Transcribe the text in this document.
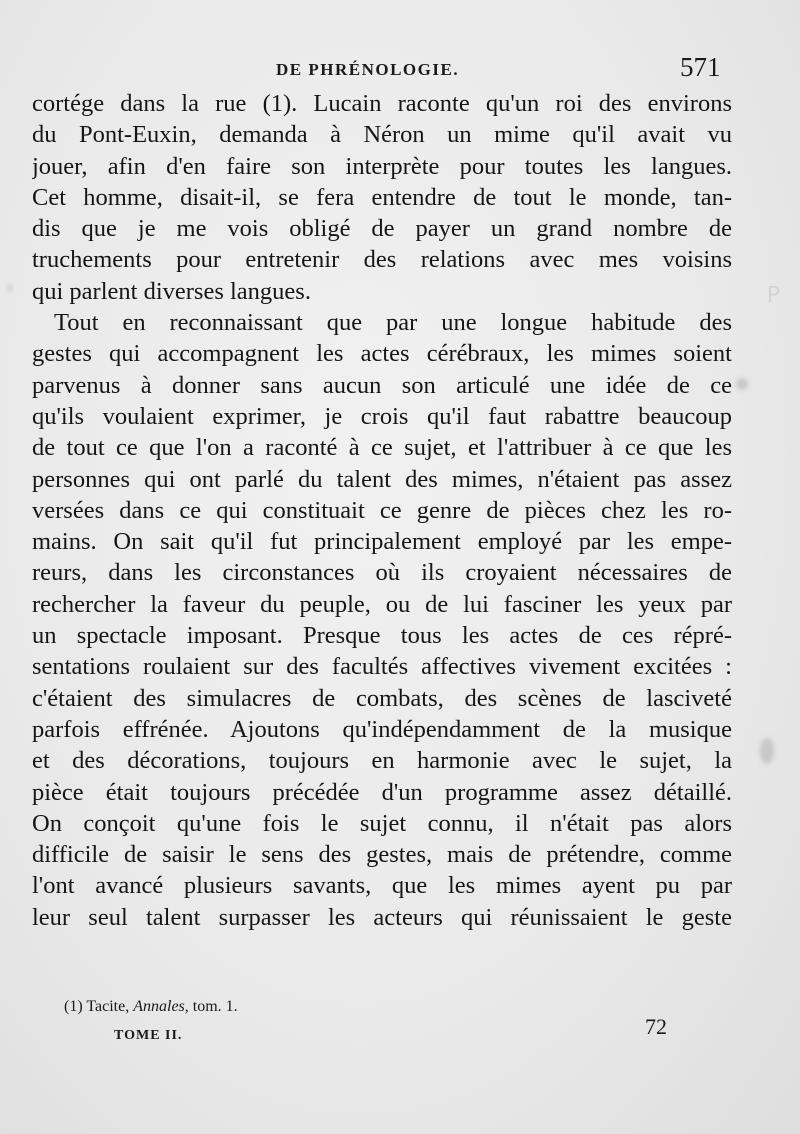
ꟼ
DE PHRÉNOLOGIE.	571
cortége dans la rue (1). Lucain raconte qu'un roi des environs
du Pont-Euxin, demanda à Néron un mime qu'il avait vu
jouer, afin d'en faire son interprète pour toutes les langues.
Cet homme, disait-il, se fera entendre de tout le monde, tan-
dis que je me vois obligé de payer un grand nombre de
truchements pour entretenir des relations avec mes voisins
qui parlent diverses langues.
Tout en reconnaissant que par une longue habitude des
gestes qui accompagnent les actes cérébraux, les mimes soient
parvenus à donner sans aucun son articulé une idée de ce
qu'ils voulaient exprimer, je crois qu'il faut rabattre beaucoup
de tout ce que l'on a raconté à ce sujet, et l'attribuer à ce que les
personnes qui ont parlé du talent des mimes, n'étaient pas assez
versées dans ce qui constituait ce genre de pièces chez les ro-
mains. On sait qu'il fut principalement employé par les empe-
reurs, dans les circonstances où ils croyaient nécessaires de
rechercher la faveur du peuple, ou de lui fasciner les yeux par
un spectacle imposant. Presque tous les actes de ces répré-
sentations roulaient sur des facultés affectives vivement excitées :
c'étaient des simulacres de combats, des scènes de lasciveté
parfois effrénée. Ajoutons qu'indépendamment de la musique
et des décorations, toujours en harmonie avec le sujet, la
pièce était toujours précédée d'un programme assez détaillé.
On conçoit qu'une fois le sujet connu, il n'était pas alors
difficile de saisir le sens des gestes, mais de prétendre, comme
l'ont avancé plusieurs savants, que les mimes ayent pu par
leur seul talent surpasser les acteurs qui réunissaient le geste
(1) Tacite, Annales, tom. 1.
TOME II.	72
